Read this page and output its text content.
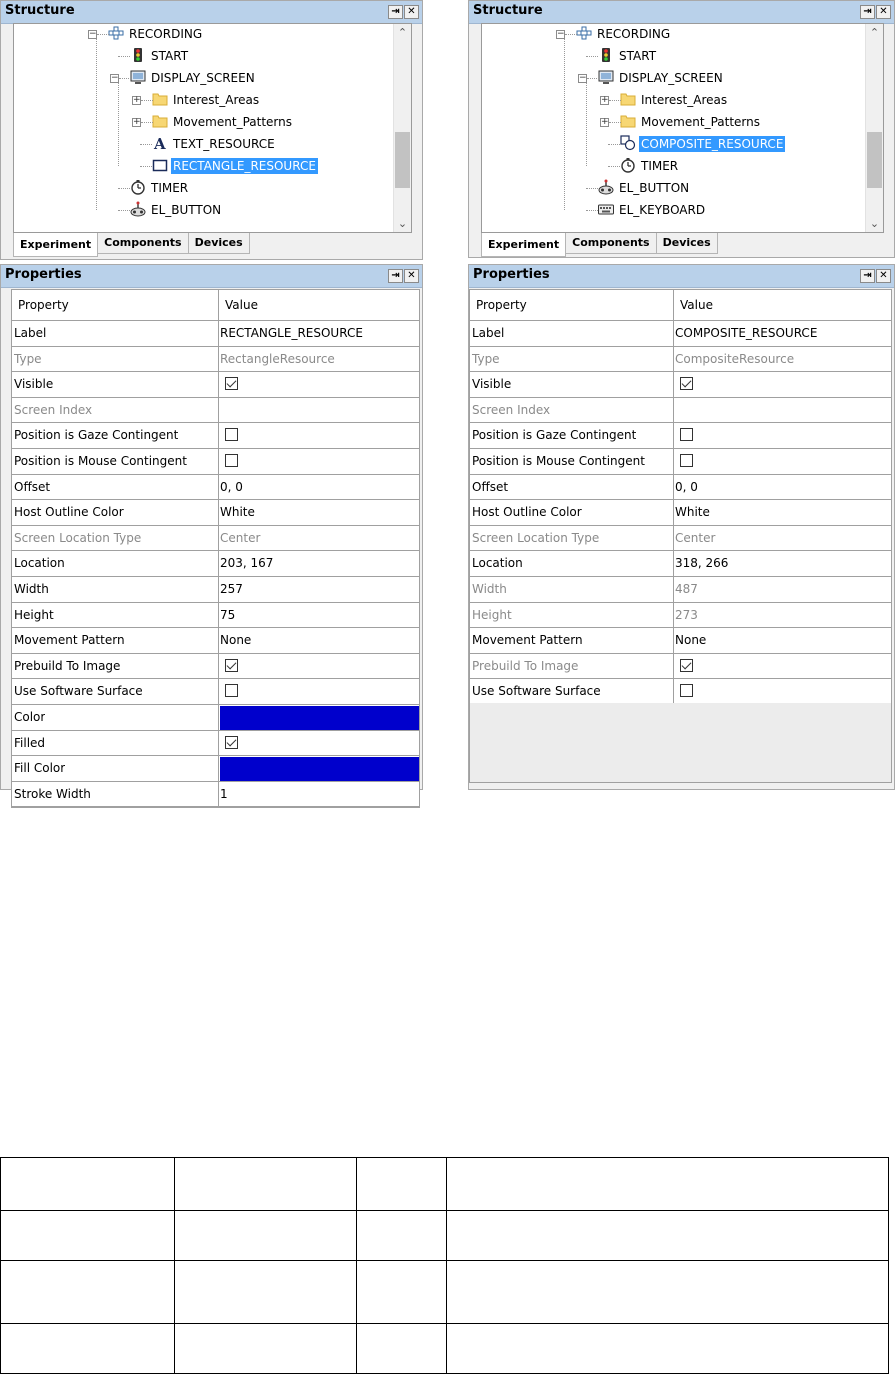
Structure	⇥ ✕
RECORDING
−
START
DISPLAY_SCREEN
−
Interest_Areas
+
Movement_Patterns
+
A TEXT_RESOURCE
RECTANGLE_RESOURCE
TIMER
EL_BUTTON
⌃
⌄
Experiment Components Devices
Properties	⇥ ✕
Property	Value
Label	RECTANGLE_RESOURCE
Type	RectangleResource
Visible
Screen Index
Position is Gaze Contingent
Position is Mouse Contingent
Offset	0, 0
Host Outline Color	White
Screen Location Type	Center
Location	203, 167
Width	257
Height	75
Movement Pattern	None
Prebuild To Image
Use Software Surface
Color
Filled
Fill Color
Stroke Width	1
Structure	⇥ ✕
RECORDING
−
START
DISPLAY_SCREEN
−
Interest_Areas
+
Movement_Patterns
+
COMPOSITE_RESOURCE
TIMER
EL_BUTTON
EL_KEYBOARD
⌃
⌄
Experiment Components Devices
Properties	⇥ ✕
Property	Value
Label	COMPOSITE_RESOURCE
Type	CompositeResource
Visible
Screen Index
Position is Gaze Contingent
Position is Mouse Contingent
Offset	0, 0
Host Outline Color	White
Screen Location Type	Center
Location	318, 266
Width	487
Height	273
Movement Pattern	None
Prebuild To Image
Use Software Surface
